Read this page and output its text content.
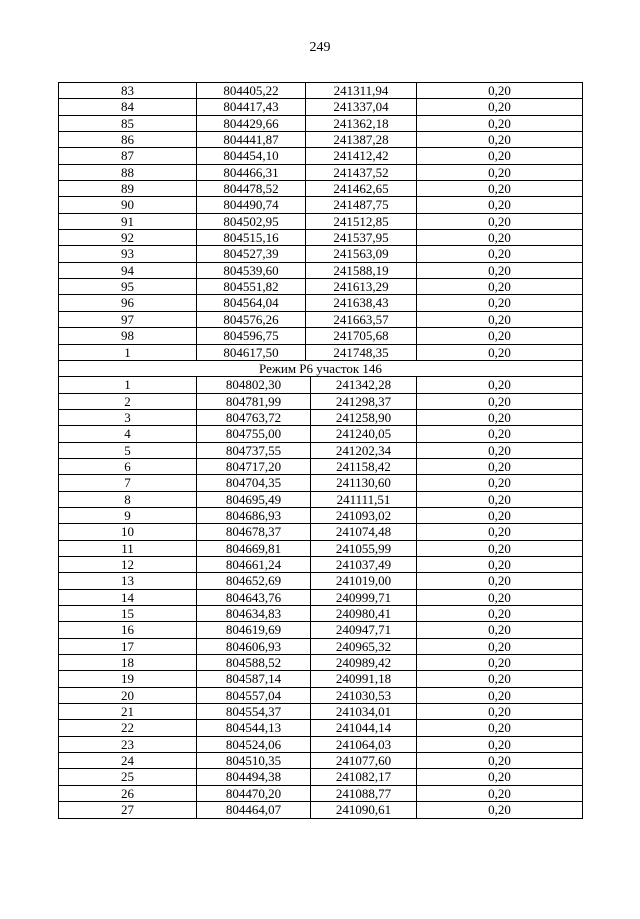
249
83	804405,22	241311,94	0,20
84	804417,43	241337,04	0,20
85	804429,66	241362,18	0,20
86	804441,87	241387,28	0,20
87	804454,10	241412,42	0,20
88	804466,31	241437,52	0,20
89	804478,52	241462,65	0,20
90	804490,74	241487,75	0,20
91	804502,95	241512,85	0,20
92	804515,16	241537,95	0,20
93	804527,39	241563,09	0,20
94	804539,60	241588,19	0,20
95	804551,82	241613,29	0,20
96	804564,04	241638,43	0,20
97	804576,26	241663,57	0,20
98	804596,75	241705,68	0,20
1	804617,50	241748,35	0,20
Режим Р6 участок 146
1	804802,30	241342,28	0,20
2	804781,99	241298,37	0,20
3	804763,72	241258,90	0,20
4	804755,00	241240,05	0,20
5	804737,55	241202,34	0,20
6	804717,20	241158,42	0,20
7	804704,35	241130,60	0,20
8	804695,49	241111,51	0,20
9	804686,93	241093,02	0,20
10	804678,37	241074,48	0,20
11	804669,81	241055,99	0,20
12	804661,24	241037,49	0,20
13	804652,69	241019,00	0,20
14	804643,76	240999,71	0,20
15	804634,83	240980,41	0,20
16	804619,69	240947,71	0,20
17	804606,93	240965,32	0,20
18	804588,52	240989,42	0,20
19	804587,14	240991,18	0,20
20	804557,04	241030,53	0,20
21	804554,37	241034,01	0,20
22	804544,13	241044,14	0,20
23	804524,06	241064,03	0,20
24	804510,35	241077,60	0,20
25	804494,38	241082,17	0,20
26	804470,20	241088,77	0,20
27	804464,07	241090,61	0,20
